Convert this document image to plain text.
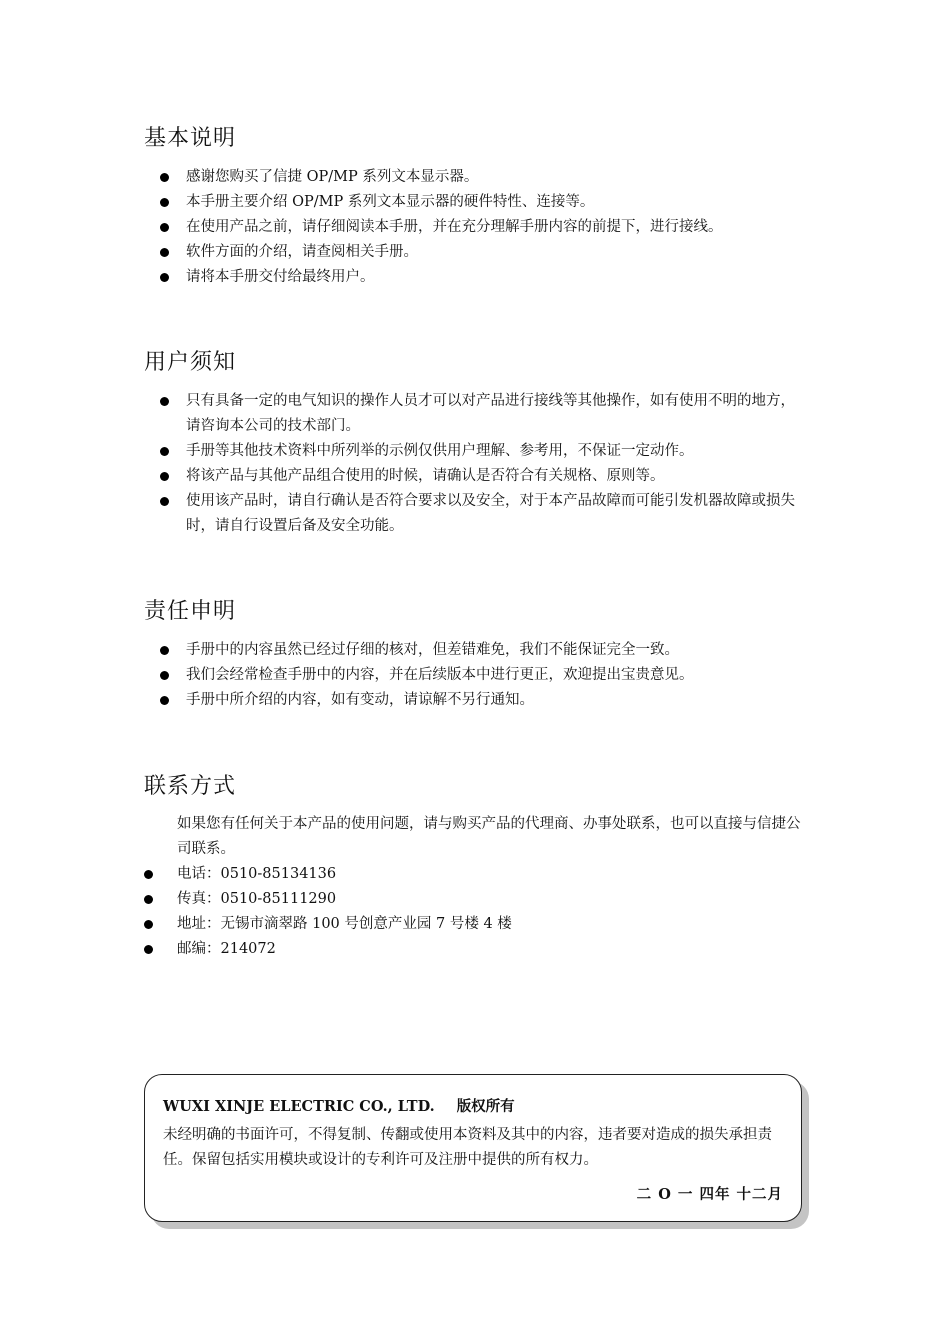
基本说明
感谢您购买了信捷 OP/MP 系列文本显示器。
本手册主要介绍 OP/MP 系列文本显示器的硬件特性、连接等。
在使用产品之前，请仔细阅读本手册，并在充分理解手册内容的前提下，进行接线。
软件方面的介绍，请查阅相关手册。
请将本手册交付给最终用户。
用户须知
只有具备一定的电气知识的操作人员才可以对产品进行接线等其他操作，如有使用不明的地方，请咨询本公司的技术部门。
手册等其他技术资料中所列举的示例仅供用户理解、参考用，不保证一定动作。
将该产品与其他产品组合使用的时候，请确认是否符合有关规格、原则等。
使用该产品时，请自行确认是否符合要求以及安全，对于本产品故障而可能引发机器故障或损失时，请自行设置后备及安全功能。
责任申明
手册中的内容虽然已经过仔细的核对，但差错难免，我们不能保证完全一致。
我们会经常检查手册中的内容，并在后续版本中进行更正，欢迎提出宝贵意见。
手册中所介绍的内容，如有变动，请谅解不另行通知。
联系方式

如果您有任何关于本产品的使用问题，请与购买产品的代理商、办事处联系，也可以直接与信捷公司联系。

电话：0510-85134136
传真：0510-85111290
地址：无锡市滴翠路 100 号创意产业园 7 号楼 4 楼
邮编：214072
WUXI XINJE ELECTRIC CO., LTD. 版权所有
未经明确的书面许可，不得复制、传翻或使用本资料及其中的内容，违者要对造成的损失承担责任。保留包括实用模块或设计的专利许可及注册中提供的所有权力。
二 O 一 四年 十二月
